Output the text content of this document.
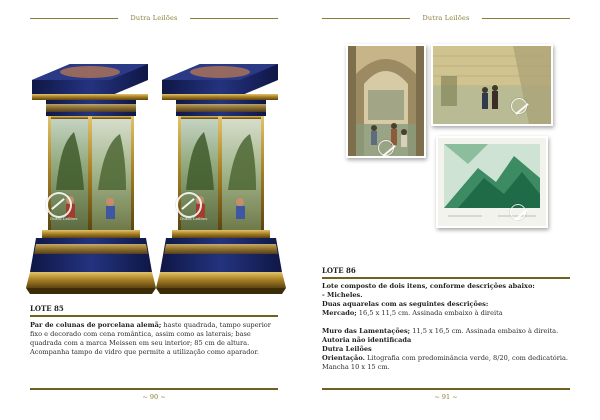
Dutra Leilões
Dutra Leilões	Dutra Leilões
LOTE 85

Par de colunas de porcelana alemã; haste quadrada, tampo superior fixo e decorado com cena romântica, assim como as laterais; base quadrada com a marca Meissen em seu interior; 85 cm de altura. Acompanha tampo de vidro que permite a utilização como aparador.

~ 90 ~
Dutra Leilões
LOTE 86

Lote composto de dois itens, conforme descrições abaixo:

- Micheles.

Duas aquarelas com as seguintes descrições:

Mercado; 16,5 x 11,5 cm. Assinada embaixo à direita

Muro das Lamentações; 11,5 x 16,5 cm. Assinada embaixo à direita.

Autoria não identificada

Dutra Leilões

Orientação. Litografia com predominância verde, 8/20, com dedicatória. Mancha 10 x 15 cm.

~ 91 ~
